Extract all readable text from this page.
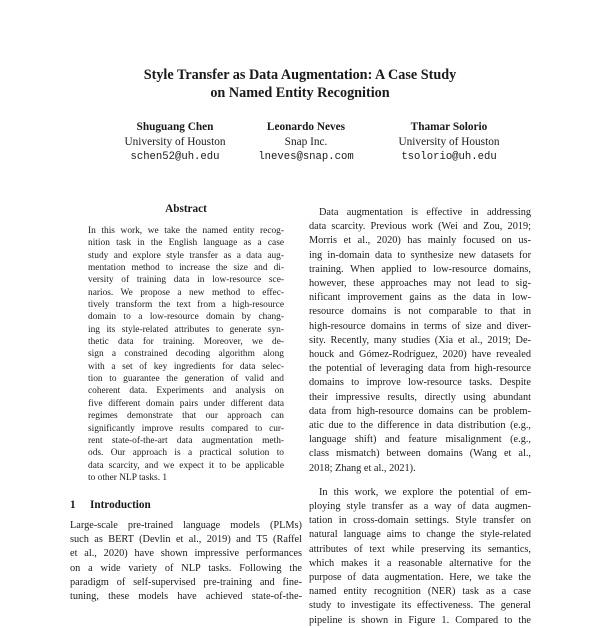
Style Transfer as Data Augmentation: A Case Study
on Named Entity Recognition
Shuguang Chen
University of Houston
schen52@uh.edu
Leonardo Neves
Snap Inc.
lneves@snap.com
Thamar Solorio
University of Houston
tsolorio@uh.edu
Abstract
In this work, we take the named entity recog-
nition task in the English language as a case
study and explore style transfer as a data aug-
mentation method to increase the size and di-
versity of training data in low-resource sce-
narios. We propose a new method to effec-
tively transform the text from a high-resource
domain to a low-resource domain by chang-
ing its style-related attributes to generate syn-
thetic data for training. Moreover, we de-
sign a constrained decoding algorithm along
with a set of key ingredients for data selec-
tion to guarantee the generation of valid and
coherent data. Experiments and analysis on
five different domain pairs under different data
regimes demonstrate that our approach can
significantly improve results compared to cur-
rent state-of-the-art data augmentation meth-
ods. Our approach is a practical solution to
data scarcity, and we expect it to be applicable
to other NLP tasks. 1
1 Introduction
Large-scale pre-trained language models (PLMs)
such as BERT (Devlin et al., 2019) and T5 (Raffel
et al., 2020) have shown impressive performances
on a wide variety of NLP tasks. Following the
paradigm of self-supervised pre-training and fine-
tuning, these models have achieved state-of-the-
Data augmentation is effective in addressing
data scarcity. Previous work (Wei and Zou, 2019;
Morris et al., 2020) has mainly focused on us-
ing in-domain data to synthesize new datasets for
training. When applied to low-resource domains,
however, these approaches may not lead to sig-
nificant improvement gains as the data in low-
resource domains is not comparable to that in
high-resource domains in terms of size and diver-
sity. Recently, many studies (Xia et al., 2019; De-
houck and Gómez-Rodríguez, 2020) have revealed
the potential of leveraging data from high-resource
domains to improve low-resource tasks. Despite
their impressive results, directly using abundant
data from high-resource domains can be problem-
atic due to the difference in data distribution (e.g.,
language shift) and feature misalignment (e.g.,
class mismatch) between domains (Wang et al.,
2018; Zhang et al., 2021).
In this work, we explore the potential of em-
ploying style transfer as a way of data augmen-
tation in cross-domain settings. Style transfer on
natural language aims to change the style-related
attributes of text while preserving its semantics,
which makes it a reasonable alternative for the
purpose of data augmentation. Here, we take the
named entity recognition (NER) task as a case
study to investigate its effectiveness. The general
pipeline is shown in Figure 1. Compared to the
